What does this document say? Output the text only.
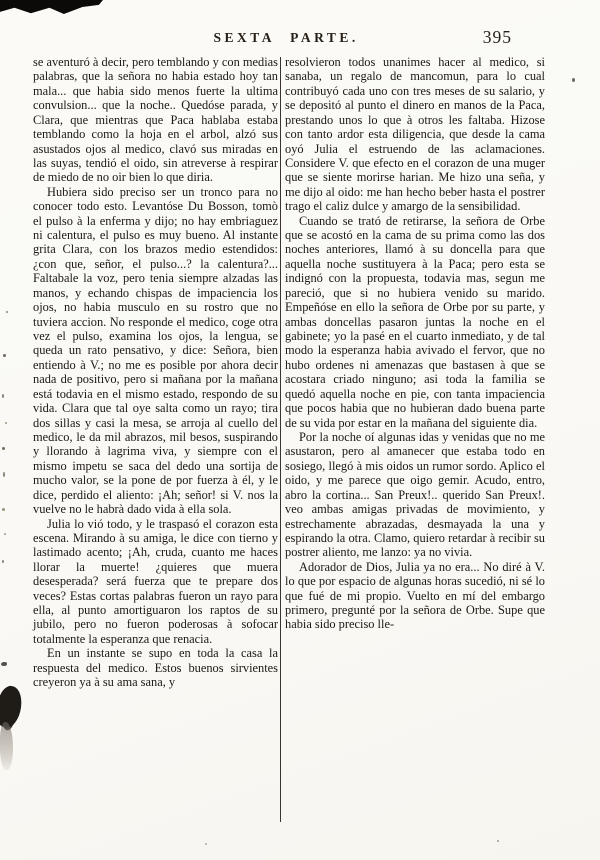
SEXTA PARTE.	395

se aventuró à decir, pero temblando y con medias palabras, que la señora no habia estado hoy tan mala... que habia sido menos fuerte la ultima convulsion... que la noche.. Quedóse parada, y Clara, que mientras que Paca hablaba estaba temblando como la hoja en el arbol, alzó sus asustados ojos al medico, clavó sus miradas en las suyas, tendió el oido, sin atreverse à respirar de miedo de no oir bien lo que diria.

Hubiera sido preciso ser un tronco para no conocer todo esto. Levantóse Du Bosson, tomò el pulso à la enferma y dijo; no hay embriaguez ni calentura, el pulso es muy bueno. Al instante grita Clara, con los brazos medio estendidos: ¿con que, señor, el pulso...? la calentura?... Faltabale la voz, pero tenia siempre alzadas las manos, y echando chispas de impaciencia los ojos, no habia musculo en su rostro que no tuviera accion. No responde el medico, coge otra vez el pulso, examina los ojos, la lengua, se queda un rato pensativo, y dice: Señora, bien entiendo à V.; no me es posible por ahora decir nada de positivo, pero si mañana por la mañana está todavia en el mismo estado, respondo de su vida. Clara que tal oye salta como un rayo; tira dos sillas y casi la mesa, se arroja al cuello del medico, le da mil abrazos, mil besos, suspirando y llorando à lagrima viva, y siempre con el mismo impetu se saca del dedo una sortija de mucho valor, se la pone de por fuerza à él, y le dice, perdido el aliento: ¡Ah; señor! si V. nos la vuelve no le habrà dado vida à ella sola.

Julia lo vió todo, y le traspasó el corazon esta escena. Mirando à su amiga, le dice con tierno y lastimado acento; ¡Ah, cruda, cuanto me haces llorar la muerte! ¿quieres que muera desesperada? será fuerza que te prepare dos veces? Estas cortas palabras fueron un rayo para ella, al punto amortiguaron los raptos de su jubilo, pero no fueron poderosas à sofocar totalmente la esperanza que renacia.

En un instante se supo en toda la casa la respuesta del medico. Estos buenos sirvientes creyeron ya à su ama sana, y

resolvieron todos unanimes hacer al medico, si sanaba, un regalo de mancomun, para lo cual contribuyó cada uno con tres meses de su salario, y se depositó al punto el dinero en manos de la Paca, prestando unos lo que à otros les faltaba. Hizose con tanto ardor esta diligencia, que desde la cama oyó Julia el estruendo de las aclamaciones. Considere V. que efecto en el corazon de una muger que se siente morirse harian. Me hizo una seña, y me dijo al oido: me han hecho beber hasta el postrer trago el caliz dulce y amargo de la sensibilidad.

Cuando se trató de retirarse, la señora de Orbe que se acostó en la cama de su prima como las dos noches anteriores, llamó à su doncella para que aquella noche sustituyera à la Paca; pero esta se indignó con la propuesta, todavia mas, segun me pareció, que si no hubiera venido su marido. Empeñóse en ello la señora de Orbe por su parte, y ambas doncellas pasaron juntas la noche en el gabinete; yo la pasé en el cuarto inmediato, y de tal modo la esperanza habia avivado el fervor, que no hubo ordenes ni amenazas que bastasen à que se acostara criado ninguno; asi toda la familia se quedó aquella noche en pie, con tanta impaciencia que pocos habia que no hubieran dado buena parte de su vida por estar en la mañana del siguiente dia.

Por la noche oí algunas idas y venidas que no me asustaron, pero al amanecer que estaba todo en sosiego, llegó à mis oidos un rumor sordo. Aplico el oido, y me parece que oigo gemir. Acudo, entro, abro la cortina... San Preux!.. querido San Preux!. veo ambas amigas privadas de movimiento, y estrechamente abrazadas, desmayada la una y espirando la otra. Clamo, quiero retardar à recibir su postrer aliento, me lanzo: ya no vivia.

Adorador de Dios, Julia ya no era... No diré à V. lo que por espacio de algunas horas sucedió, ni sé lo que fué de mi propio. Vuelto en mí del embargo primero, pregunté por la señora de Orbe. Supe que habia sido preciso lle-
